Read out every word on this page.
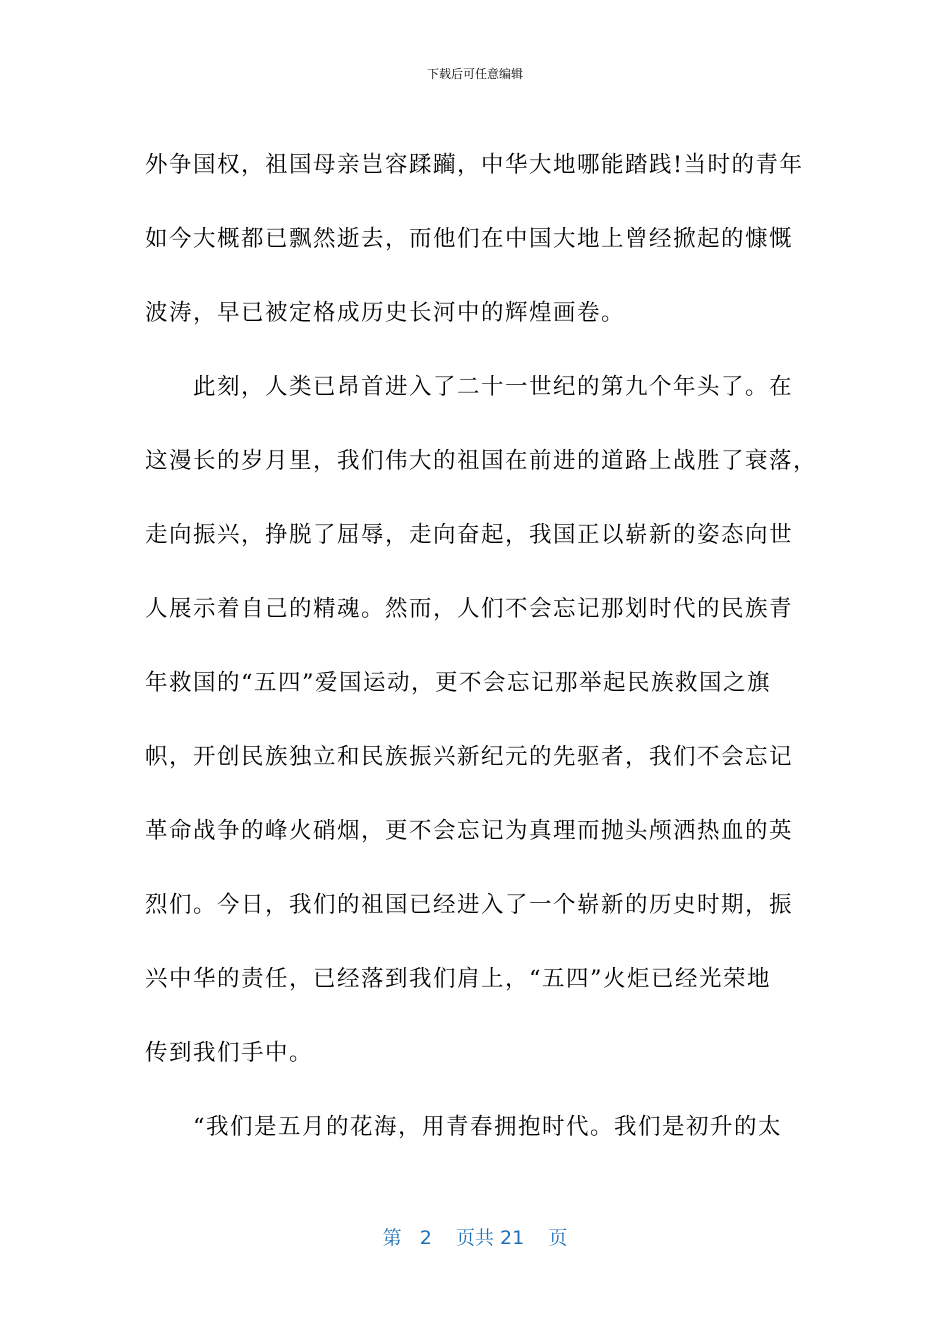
下载后可任意编辑
外争国权，祖国母亲岂容蹂躏，中华大地哪能踏践!当时的青年
如今大概都已飘然逝去，而他们在中国大地上曾经掀起的慷慨
波涛，早已被定格成历史长河中的辉煌画卷。
此刻，人类已昂首进入了二十一世纪的第九个年头了。在
这漫长的岁月里，我们伟大的祖国在前进的道路上战胜了衰落，
走向振兴，挣脱了屈辱，走向奋起，我国正以崭新的姿态向世
人展示着自己的精魂。然而，人们不会忘记那划时代的民族青
年救国的“五四”爱国运动，更不会忘记那举起民族救国之旗
帜，开创民族独立和民族振兴新纪元的先驱者，我们不会忘记
革命战争的峰火硝烟，更不会忘记为真理而抛头颅洒热血的英
烈们。今日，我们的祖国已经进入了一个崭新的历史时期，振
兴中华的责任，已经落到我们肩上，“五四”火炬已经光荣地
传到我们手中。
“我们是五月的花海，用青春拥抱时代。我们是初升的太
第 2 页共 21 页
